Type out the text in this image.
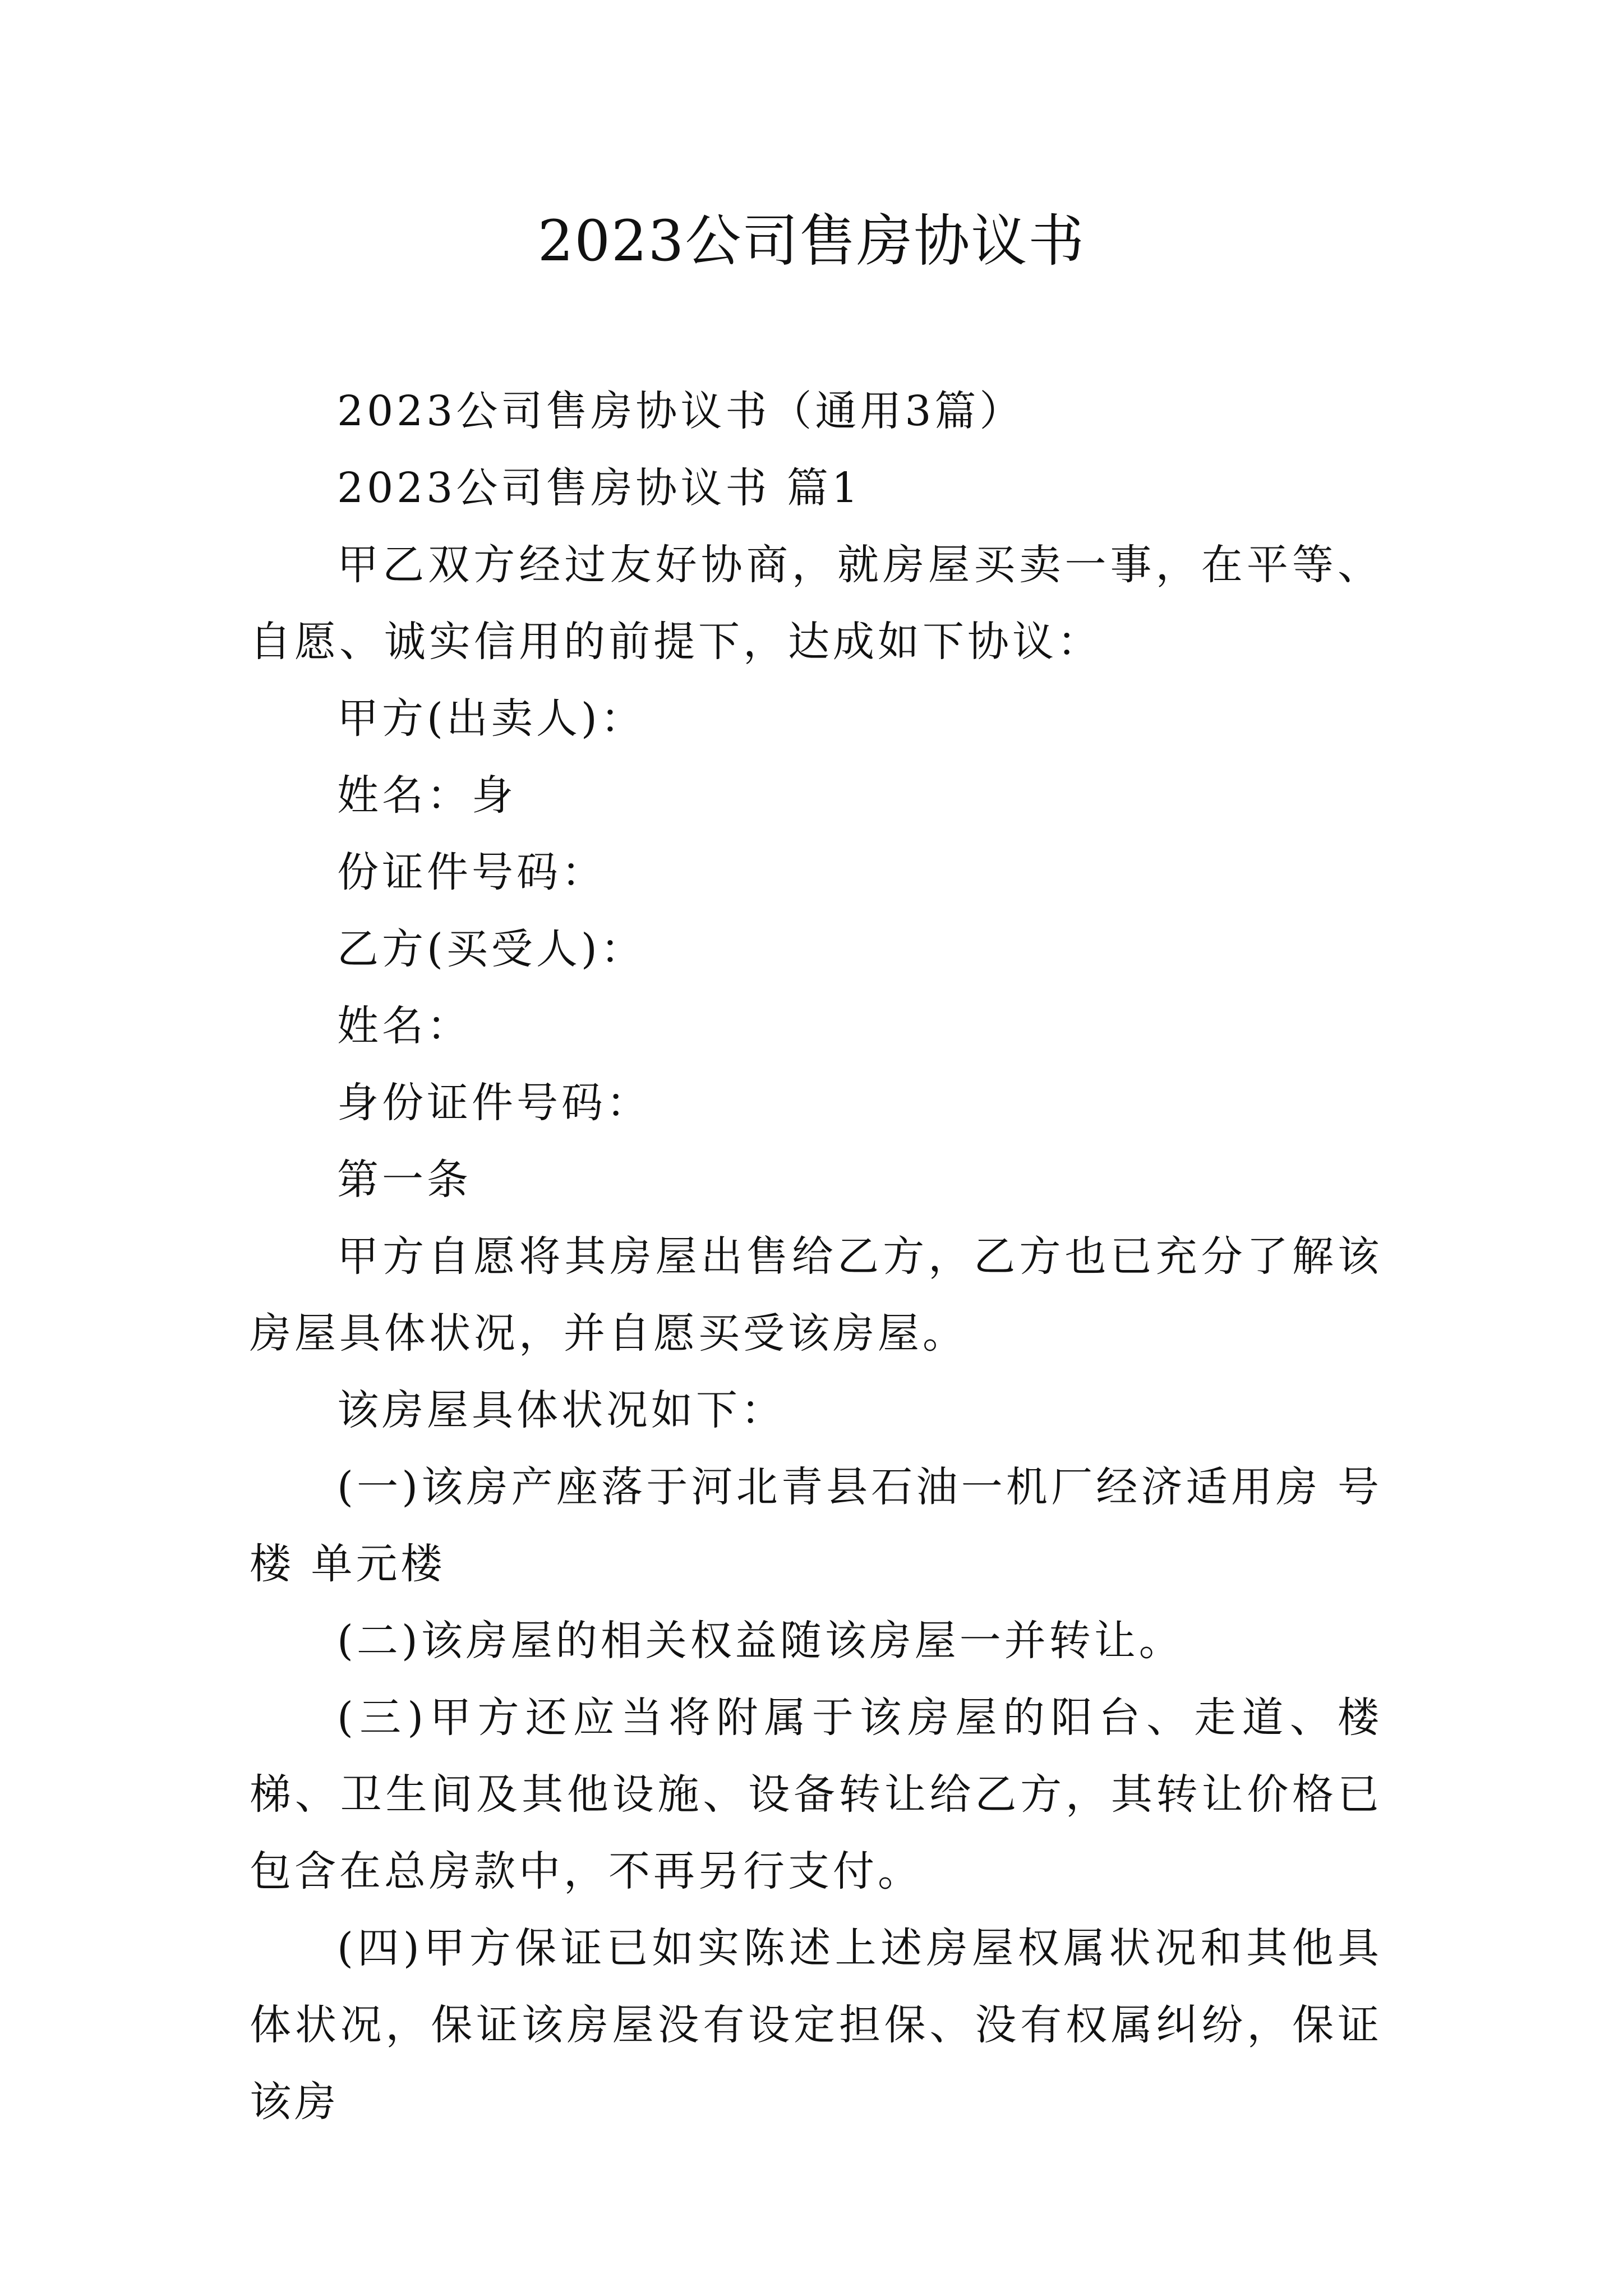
2023公司售房协议书

2023公司售房协议书（通用3篇）

2023公司售房协议书 篇1

甲乙双方经过友好协商，就房屋买卖一事，在平等、自愿、诚实信用的前提下，达成如下协议：

甲方(出卖人)：

姓名：身

份证件号码：

乙方(买受人)：

姓名：

身份证件号码：

第一条

甲方自愿将其房屋出售给乙方，乙方也已充分了解该房屋具体状况，并自愿买受该房屋。

该房屋具体状况如下：

(一)该房产座落于河北青县石油一机厂经济适用房 号楼 单元楼

(二)该房屋的相关权益随该房屋一并转让。

(三)甲方还应当将附属于该房屋的阳台、走道、楼梯、卫生间及其他设施、设备转让给乙方，其转让价格已包含在总房款中，不再另行支付。

(四)甲方保证已如实陈述上述房屋权属状况和其他具体状况，保证该房屋没有设定担保、没有权属纠纷，保证该房
